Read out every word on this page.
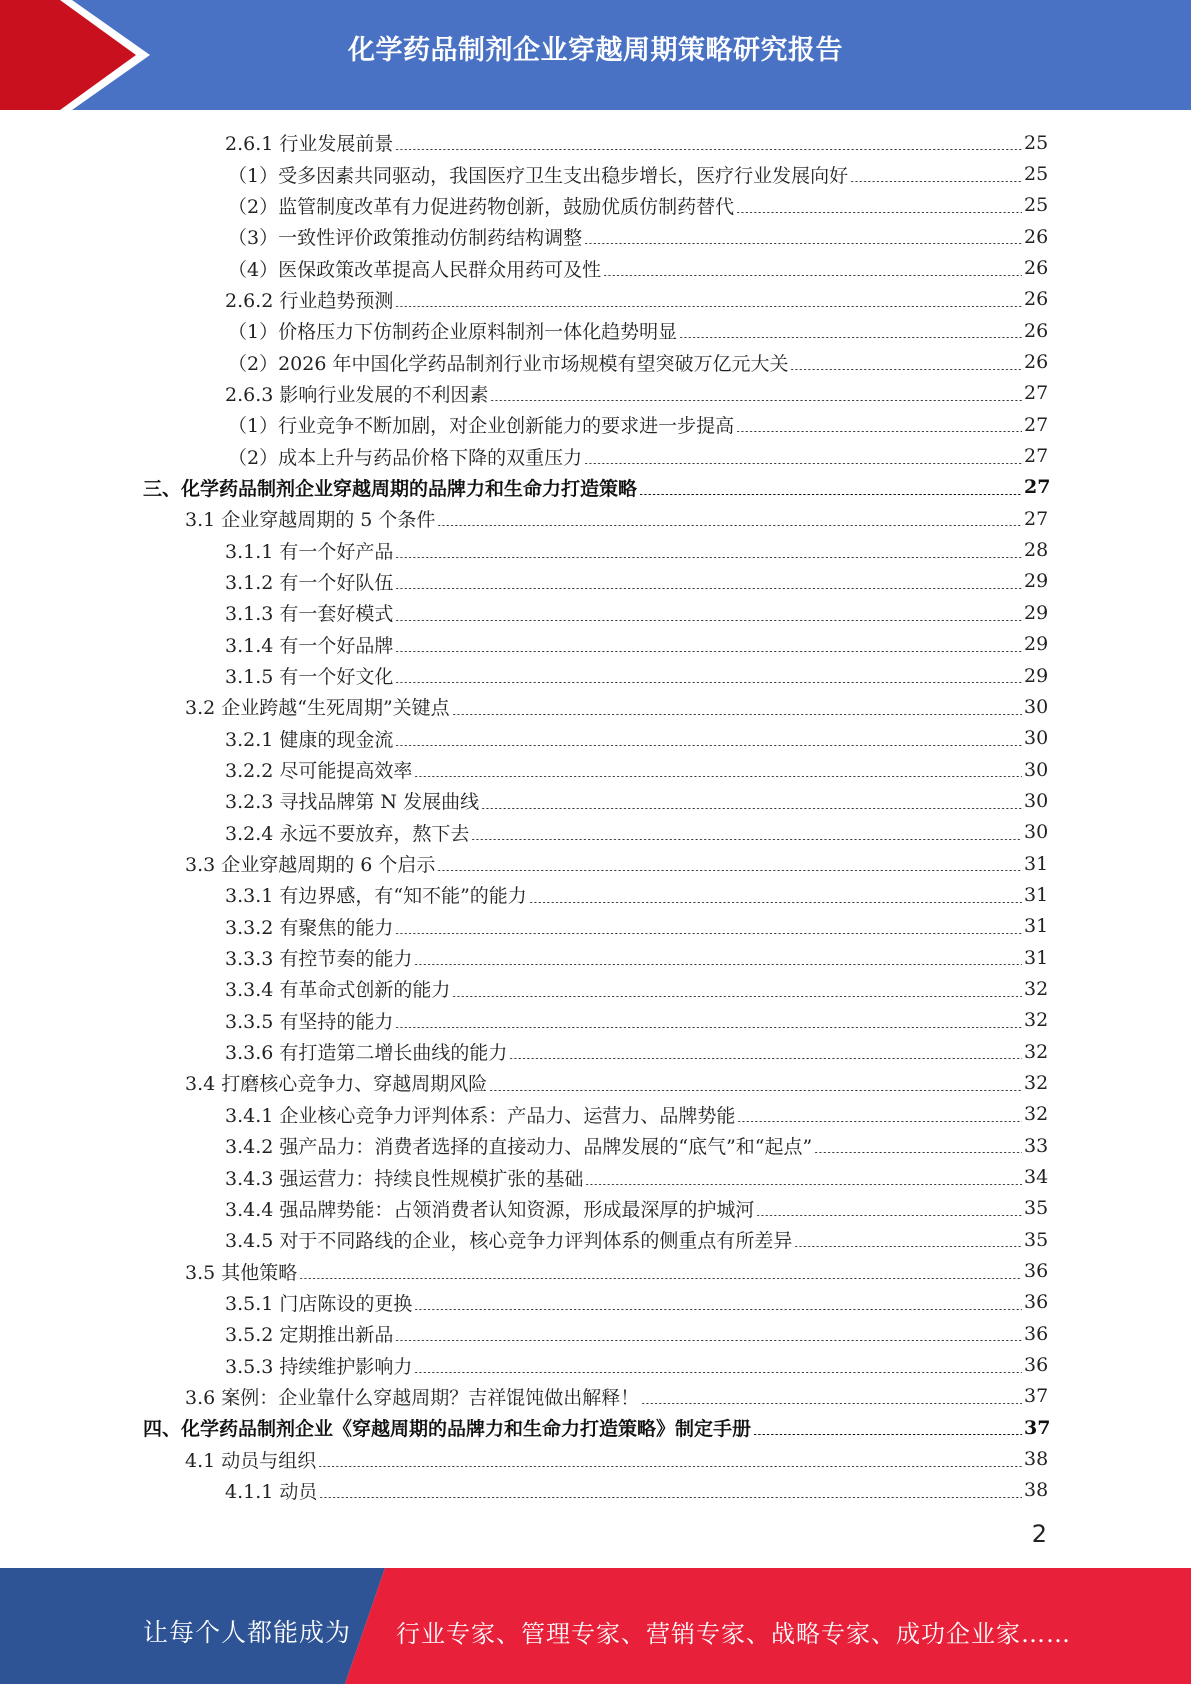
化学药品制剂企业穿越周期策略研究报告
2.6.1 行业发展前景	25
（1）受多因素共同驱动，我国医疗卫生支出稳步增长，医疗行业发展向好	25
（2）监管制度改革有力促进药物创新，鼓励优质仿制药替代	25
（3）一致性评价政策推动仿制药结构调整	26
（4）医保政策改革提高人民群众用药可及性	26
2.6.2 行业趋势预测	26
（1）价格压力下仿制药企业原料制剂一体化趋势明显	26
（2）2026 年中国化学药品制剂行业市场规模有望突破万亿元大关	26
2.6.3 影响行业发展的不利因素	27
（1）行业竞争不断加剧，对企业创新能力的要求进一步提高	27
（2）成本上升与药品价格下降的双重压力	27
三、化学药品制剂企业穿越周期的品牌力和生命力打造策略	27
3.1 企业穿越周期的 5 个条件	27
3.1.1 有一个好产品	28
3.1.2 有一个好队伍	29
3.1.3 有一套好模式	29
3.1.4 有一个好品牌	29
3.1.5 有一个好文化	29
3.2 企业跨越“生死周期”关键点	30
3.2.1 健康的现金流	30
3.2.2 尽可能提高效率	30
3.2.3 寻找品牌第 N 发展曲线	30
3.2.4 永远不要放弃，熬下去	30
3.3 企业穿越周期的 6 个启示	31
3.3.1 有边界感，有“知不能”的能力	31
3.3.2 有聚焦的能力	31
3.3.3 有控节奏的能力	31
3.3.4 有革命式创新的能力	32
3.3.5 有坚持的能力	32
3.3.6 有打造第二增长曲线的能力	32
3.4 打磨核心竞争力、穿越周期风险	32
3.4.1 企业核心竞争力评判体系：产品力、运营力、品牌势能	32
3.4.2 强产品力：消费者选择的直接动力、品牌发展的“底气”和“起点”	33
3.4.3 强运营力：持续良性规模扩张的基础	34
3.4.4 强品牌势能：占领消费者认知资源，形成最深厚的护城河	35
3.4.5 对于不同路线的企业，核心竞争力评判体系的侧重点有所差异	35
3.5 其他策略	36
3.5.1 门店陈设的更换	36
3.5.2 定期推出新品	36
3.5.3 持续维护影响力	36
3.6 案例：企业靠什么穿越周期？吉祥馄饨做出解释！	37
四、化学药品制剂企业《穿越周期的品牌力和生命力打造策略》制定手册	37
4.1 动员与组织	38
4.1.1 动员	38
2
让每个人都能成为 行业专家、管理专家、营销专家、战略专家、成功企业家……
